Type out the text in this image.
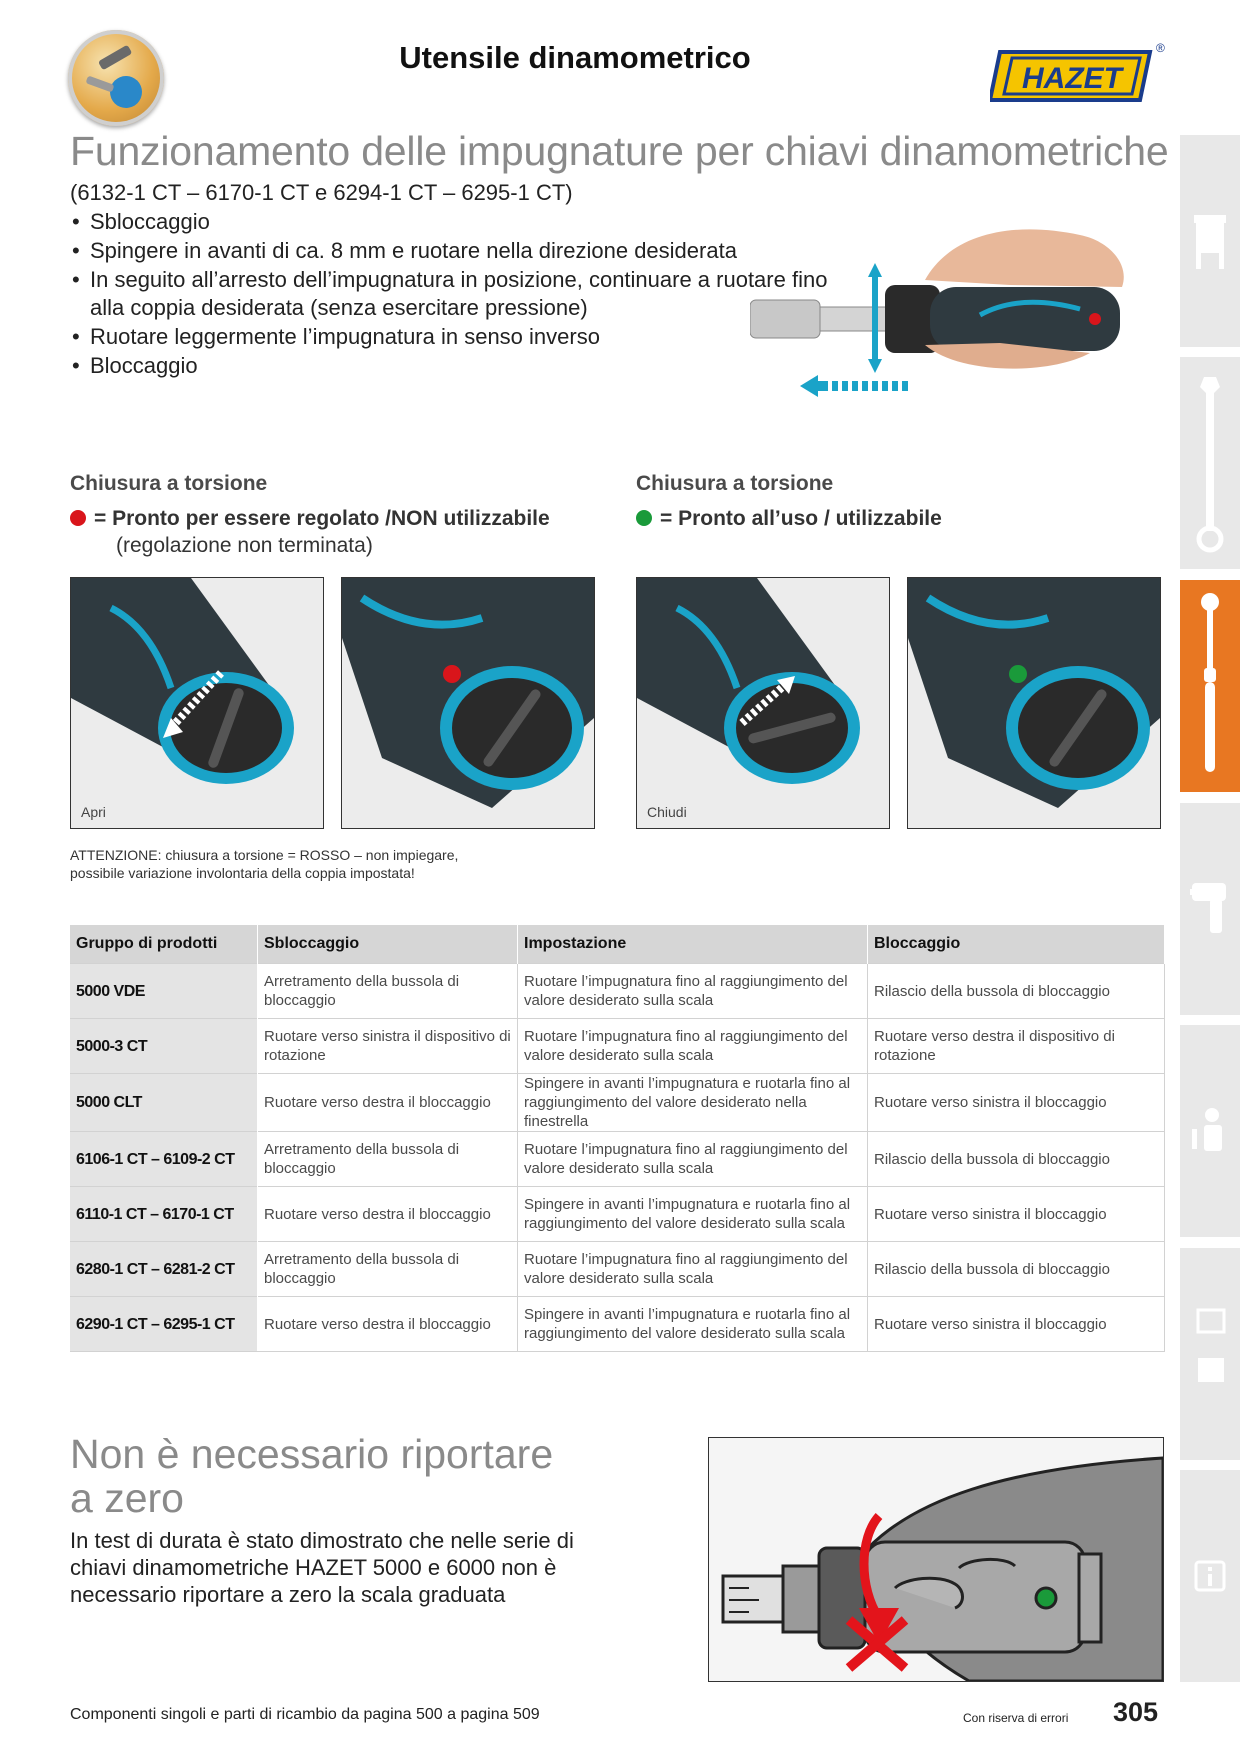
Utensile dinamometrico
HAZET
®
Funzionamento delle impugnature per chiavi dinamometriche
(6132-1 CT – 6170-1 CT e 6294-1 CT – 6295-1 CT)
• Sbloccaggio
• Spingere in avanti di ca. 8 mm e ruotare nella direzione desiderata
• In seguito all’arresto dell’impugnatura in posizione, continuare a ruotare fino alla coppia desiderata (senza esercitare pressione)
• Ruotare leggermente l’impugnatura in senso inverso
• Bloccaggio
Chiusura a torsione
= Pronto per essere regolato /NON utilizzabile
(regolazione non terminata)
Chiusura a torsione
= Pronto all’uso / utilizzabile
Apri	Chiudi
ATTENZIONE: chiusura a torsione = ROSSO – non impiegare, possibile variazione involontaria della coppia impostata!
Gruppo di prodotti	Sbloccaggio	Impostazione	Bloccaggio
5000 VDE	Arretramento della bussola di bloccaggio	Ruotare l’impugnatura fino al raggiungimento del valore desiderato sulla scala	Rilascio della bussola di bloccaggio
5000-3 CT	Ruotare verso sinistra il dispositivo di rotazione	Ruotare l’impugnatura fino al raggiungimento del valore desiderato sulla scala	Ruotare verso destra il dispositivo di rotazione
5000 CLT	Ruotare verso destra il bloccaggio	Spingere in avanti l’impugnatura e ruotarla fino al raggiungimento del valore desiderato nella finestrella	Ruotare verso sinistra il bloccaggio
6106-1 CT – 6109-2 CT	Arretramento della bussola di bloccaggio	Ruotare l’impugnatura fino al raggiungimento del valore desiderato sulla scala	Rilascio della bussola di bloccaggio
6110-1 CT – 6170-1 CT	Ruotare verso destra il bloccaggio	Spingere in avanti l’impugnatura e ruotarla fino al raggiungimento del valore desiderato sulla scala	Ruotare verso sinistra il bloccaggio
6280-1 CT – 6281-2 CT	Arretramento della bussola di bloccaggio	Ruotare l’impugnatura fino al raggiungimento del valore desiderato sulla scala	Rilascio della bussola di bloccaggio
6290-1 CT – 6295-1 CT	Ruotare verso destra il bloccaggio	Spingere in avanti l’impugnatura e ruotarla fino al raggiungimento del valore desiderato sulla scala	Ruotare verso sinistra il bloccaggio
Non è necessario riportare a zero
In test di durata è stato dimostrato che nelle serie di chiavi dinamometriche HAZET 5000 e 6000 non è necessario riportare a zero la scala graduata
Componenti singoli e parti di ricambio da pagina 500 a pagina 509	Con riserva di errori 305
